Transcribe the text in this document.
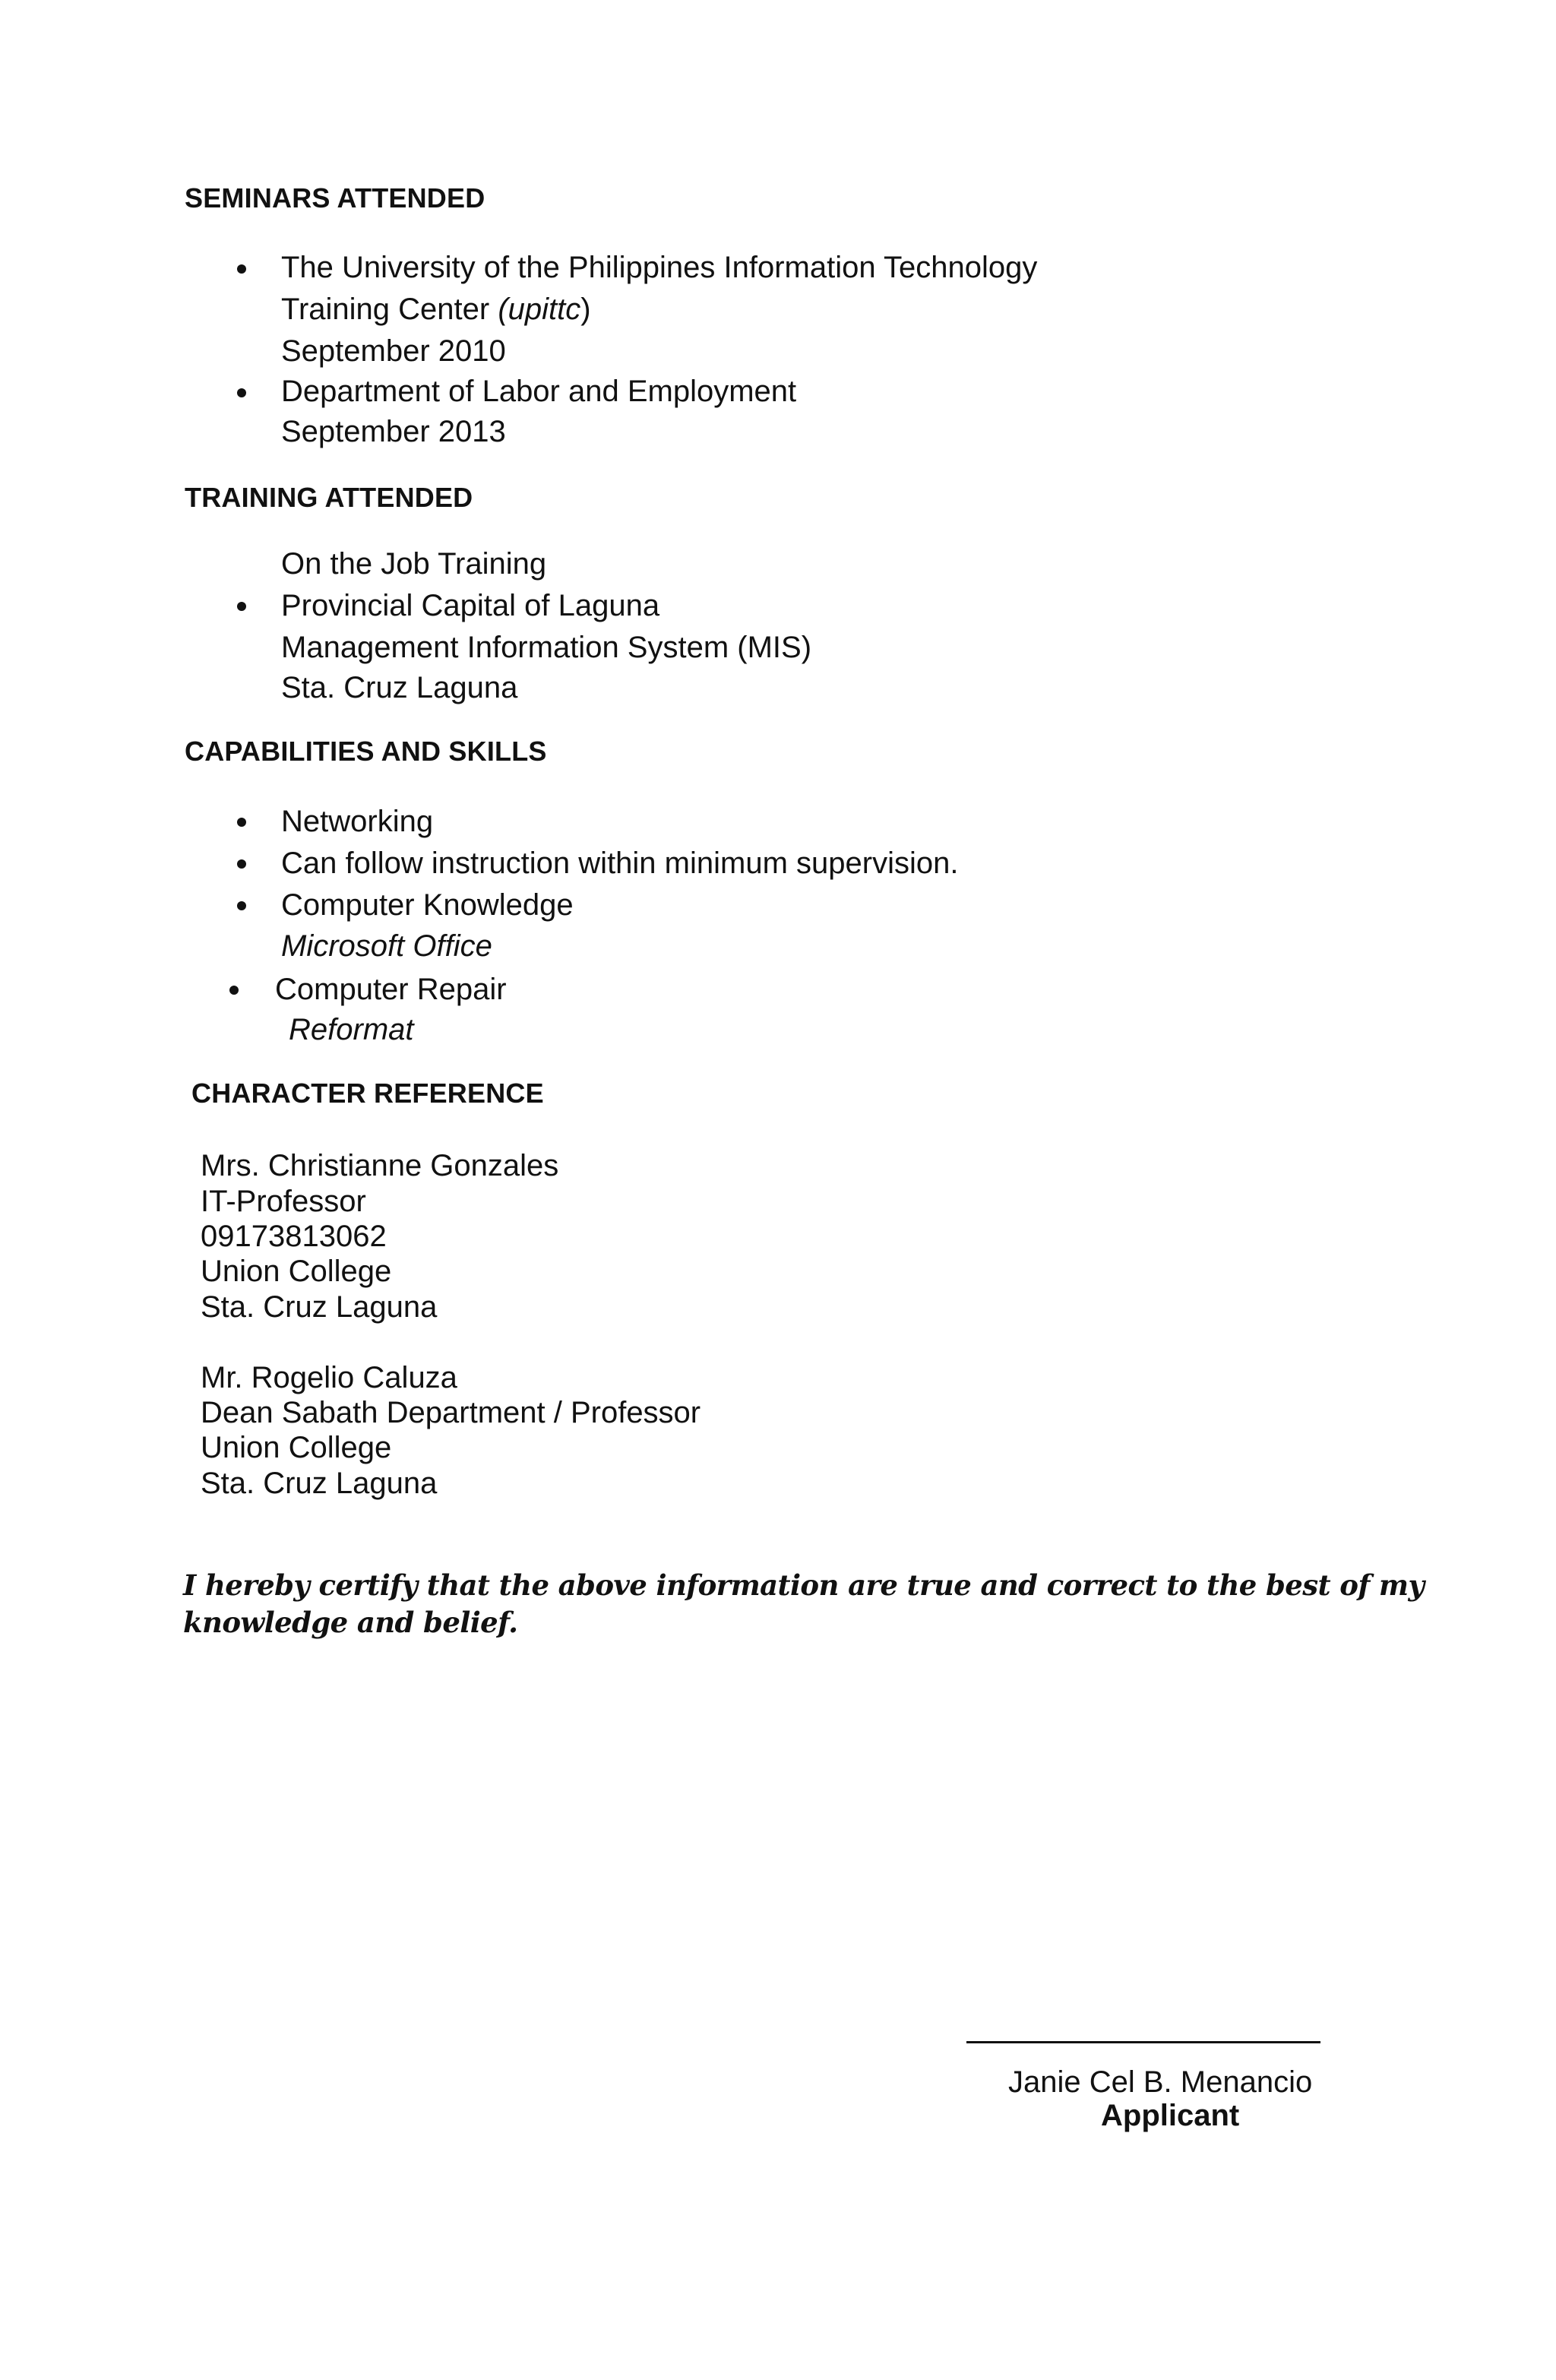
SEMINARS ATTENDED
The University of the Philippines Information Technology
Training Center (upittc)
September 2010
Department of Labor and Employment
September 2013
TRAINING ATTENDED
On the Job Training
Provincial Capital of Laguna
Management Information System (MIS)
Sta. Cruz Laguna
CAPABILITIES AND SKILLS
Networking
Can follow instruction within minimum supervision.
Computer Knowledge
Microsoft Office
Computer Repair
Reformat
CHARACTER REFERENCE
Mrs. Christianne Gonzales
IT-Professor
09173813062
Union College
Sta. Cruz Laguna
Mr. Rogelio Caluza
Dean Sabath Department / Professor
Union College
Sta. Cruz Laguna
I hereby certify that the above information are true and correct to the best of my
knowledge and belief.
Janie Cel B. Menancio
Applicant
